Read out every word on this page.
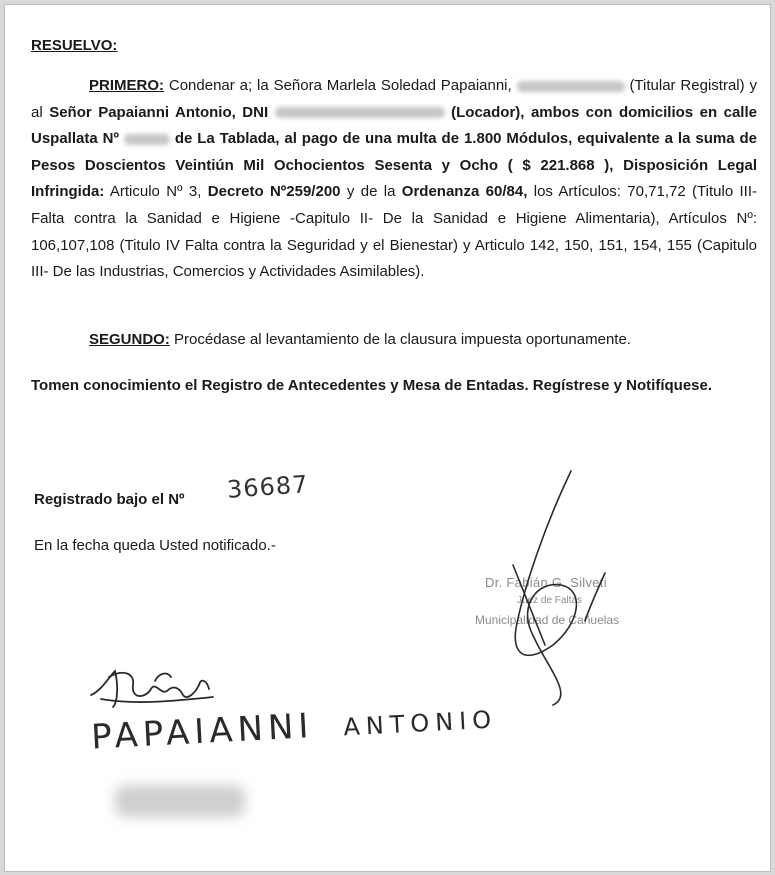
RESUELVO:
PRIMERO: Condenar a; la Señora Marlela Soledad Papaianni,	(Titular Registral) y al Señor Papaianni Antonio, DNI	(Locador), ambos con domicilios en calle Uspallata Nº	de La Tablada, al pago de una multa de 1.800 Módulos, equivalente a la suma de Pesos Doscientos Veintiún Mil Ochocientos Sesenta y Ocho ( $ 221.868 ), Disposición Legal Infringida: Articulo Nº 3, Decreto Nº259/200 y de la Ordenanza 60/84, los Artículos: 70,71,72 (Titulo III- Falta contra la Sanidad e Higiene -Capitulo II- De la Sanidad e Higiene Alimentaria), Artículos Nº: 106,107,108 (Titulo IV Falta contra la Seguridad y el Bienestar) y Articulo 142, 150, 151, 154, 155 (Capitulo III- De las Industrias, Comercios y Actividades Asimilables).
SEGUNDO: Procédase al levantamiento de la clausura impuesta oportunamente.
Tomen conocimiento el Registro de Antecedentes y Mesa de Entadas. Regístrese y Notifíquese.
Registrado bajo el Nº 36687
En la fecha queda Usted notificado.-
Dr. Fabián G. Silveti
Juez de Faltas
Municipalidad de Cañuelas
PAPAIANNI ANTONIO
